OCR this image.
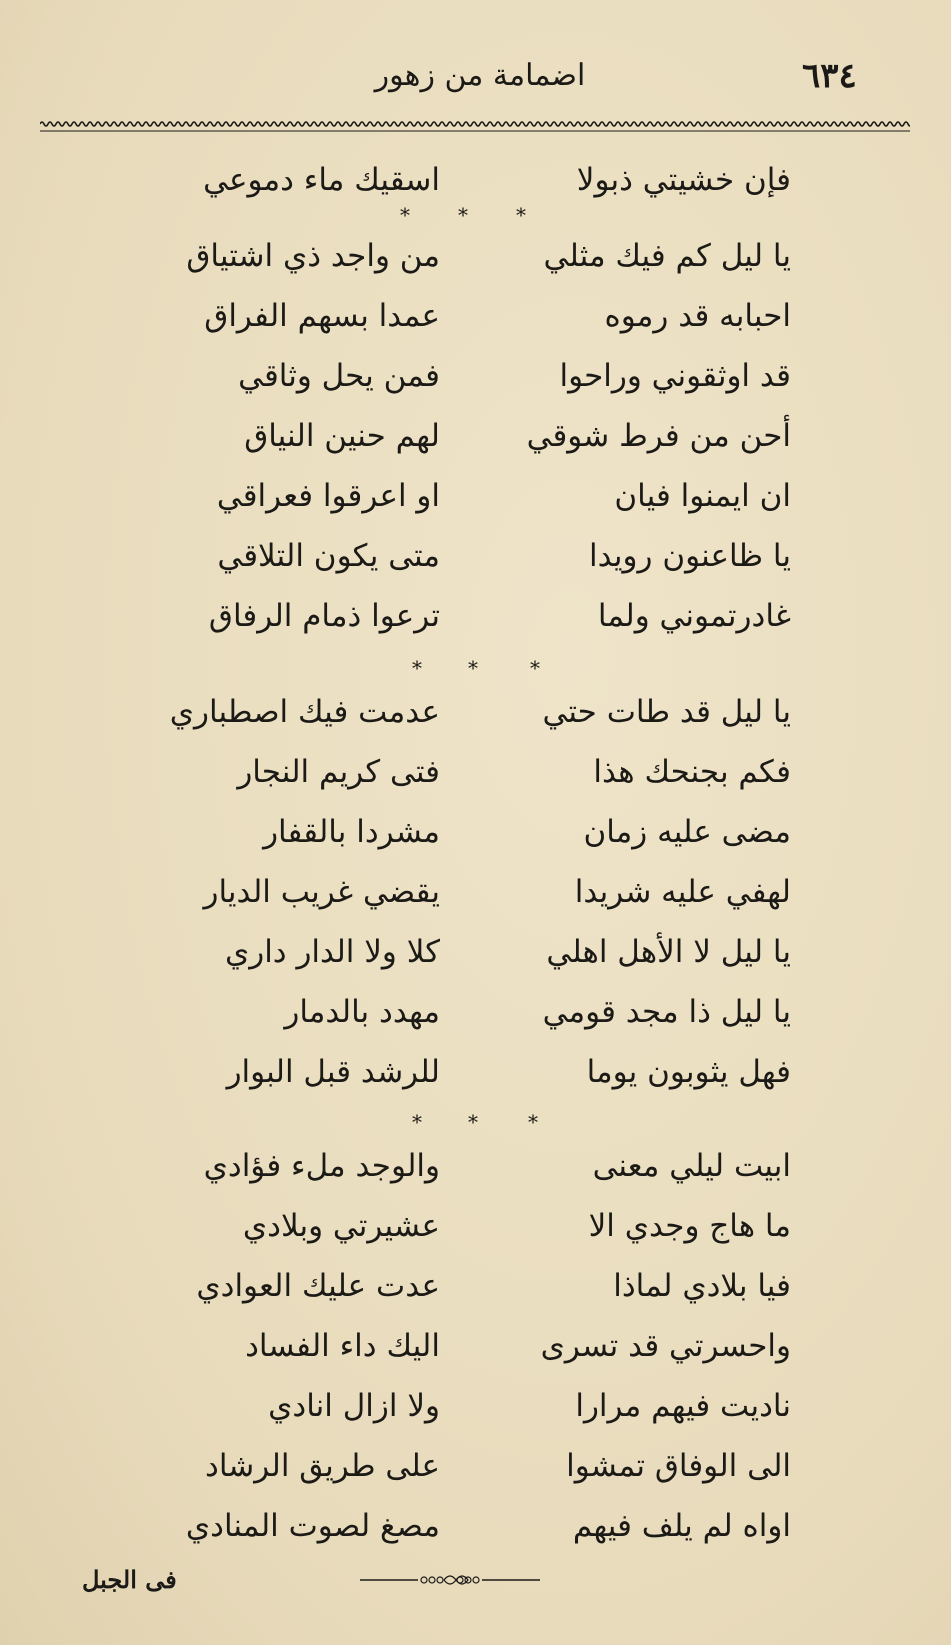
٦٣٤
اضمامة من زهور
فإن خشيتي ذبولا
اسقيك ماء دموعي
* * *
يا ليل كم فيك مثلي
من واجد ذي اشتياق
احبابه قد رموه
عمدا بسهم الفراق
قد اوثقوني وراحوا
فمن يحل وثاقي
أحن من فرط شوقي
لهم حنين النياق
ان ايمنوا فيان
او اعرقوا فعراقي
يا ظاعنون رويدا
متى يكون التلاقي
غادرتموني ولما
ترعوا ذمام الرفاق
* *	*
يا ليل قد طات حتي
عدمت فيك اصطباري
فكم بجنحك هذا
فتى كريم النجار
مضى عليه زمان
مشردا بالقفار
لهفي عليه شريدا
يقضي غريب الديار
يا ليل لا الأهل اهلي
كلا ولا الدار داري
يا ليل ذا مجد قومي
مهدد بالدمار
فهل يثوبون يوما
للرشد قبل البوار
* *	*
ابيت ليلي معنى
والوجد ملء فؤادي
ما هاج وجدي الا
عشيرتي وبلادي
فيا بلادي لماذا
عدت عليك العوادي
واحسرتي قد تسرى
اليك داء الفساد
ناديت فيهم مرارا
ولا ازال انادي
الى الوفاق تمشوا
على طريق الرشاد
اواه لم يلف فيهم
مصغ لصوت المنادي
فى الجبل
